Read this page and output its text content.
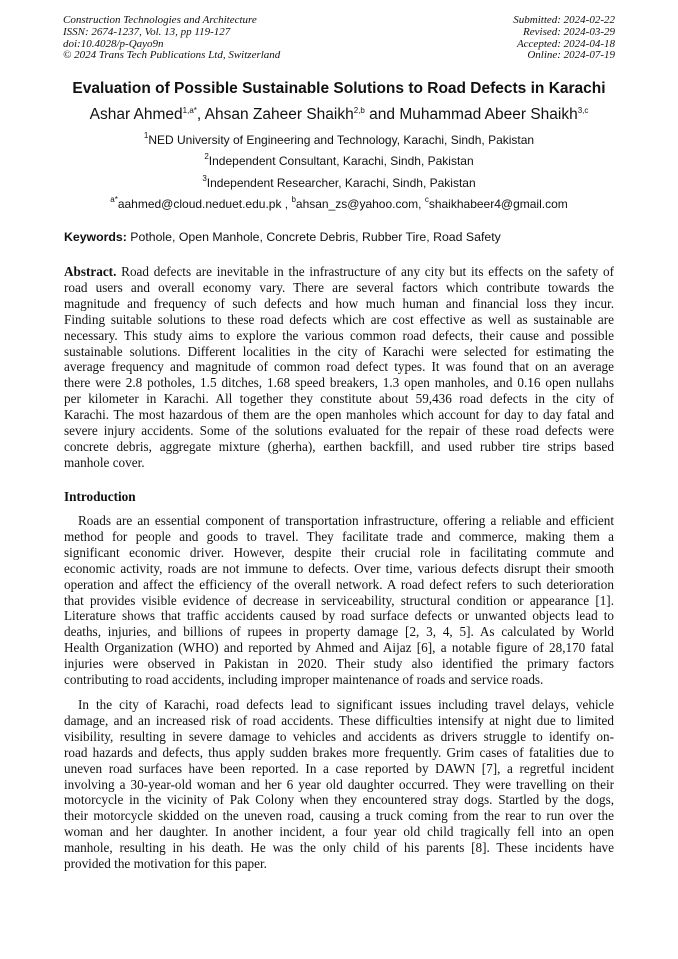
Construction Technologies and Architecture
ISSN: 2674-1237, Vol. 13, pp 119-127
doi:10.4028/p-Qayo9n
© 2024 Trans Tech Publications Ltd, Switzerland
Submitted: 2024-02-22
Revised: 2024-03-29
Accepted: 2024-04-18
Online: 2024-07-19
Evaluation of Possible Sustainable Solutions to Road Defects in Karachi
Ashar Ahmed$^{1,a*}$, Ahsan Zaheer Shaikh$^{2,b}$ and Muhammad Abeer Shaikh$^{3,c}$
$^1$NED University of Engineering and Technology, Karachi, Sindh, Pakistan
$^2$Independent Consultant, Karachi, Sindh, Pakistan
$^3$Independent Researcher, Karachi, Sindh, Pakistan
$^{a*}$aahmed@cloud.neduet.edu.pk , $^b$ahsan_zs@yahoo.com, $^c$shaikhabeer4@gmail.com
Keywords: Pothole, Open Manhole, Concrete Debris, Rubber Tire, Road Safety
Abstract. Road defects are inevitable in the infrastructure of any city but its effects on the safety of
road users and overall economy vary. There are several factors which contribute towards the
magnitude and frequency of such defects and how much human and financial loss they incur.
Finding suitable solutions to these road defects which are cost effective as well as sustainable are
necessary. This study aims to explore the various common road defects, their cause and possible
sustainable solutions. Different localities in the city of Karachi were selected for estimating the
average frequency and magnitude of common road defect types. It was found that on an average
there were 2.8 potholes, 1.5 ditches, 1.68 speed breakers, 1.3 open manholes, and 0.16 open nullahs
per kilometer in Karachi. All together they constitute about 59,436 road defects in the city of
Karachi. The most hazardous of them are the open manholes which account for day to day fatal and
severe injury accidents. Some of the solutions evaluated for the repair of these road defects were
concrete debris, aggregate mixture (gherha), earthen backfill, and used rubber tire strips based
manhole cover.
Introduction
Roads are an essential component of transportation infrastructure, offering a reliable and efficient
method for people and goods to travel. They facilitate trade and commerce, making them a
significant economic driver. However, despite their crucial role in facilitating commute and
economic activity, roads are not immune to defects. Over time, various defects disrupt their smooth
operation and affect the efficiency of the overall network. A road defect refers to such deterioration
that provides visible evidence of decrease in serviceability, structural condition or appearance [1].
Literature shows that traffic accidents caused by road surface defects or unwanted objects lead to
deaths, injuries, and billions of rupees in property damage [2, 3, 4, 5]. As calculated by World
Health Organization (WHO) and reported by Ahmed and Aijaz [6], a notable figure of 28,170 fatal
injuries were observed in Pakistan in 2020. Their study also identified the primary factors
contributing to road accidents, including improper maintenance of roads and service roads.
In the city of Karachi, road defects lead to significant issues including travel delays, vehicle
damage, and an increased risk of road accidents. These difficulties intensify at night due to limited
visibility, resulting in severe damage to vehicles and accidents as drivers struggle to identify on-
road hazards and defects, thus apply sudden brakes more frequently. Grim cases of fatalities due to
uneven road surfaces have been reported. In a case reported by DAWN [7], a regretful incident
involving a 30-year-old woman and her 6 year old daughter occurred. They were travelling on their
motorcycle in the vicinity of Pak Colony when they encountered stray dogs. Startled by the dogs,
their motorcycle skidded on the uneven road, causing a truck coming from the rear to run over the
woman and her daughter. In another incident, a four year old child tragically fell into an open
manhole, resulting in his death. He was the only child of his parents [8]. These incidents have
provided the motivation for this paper.
